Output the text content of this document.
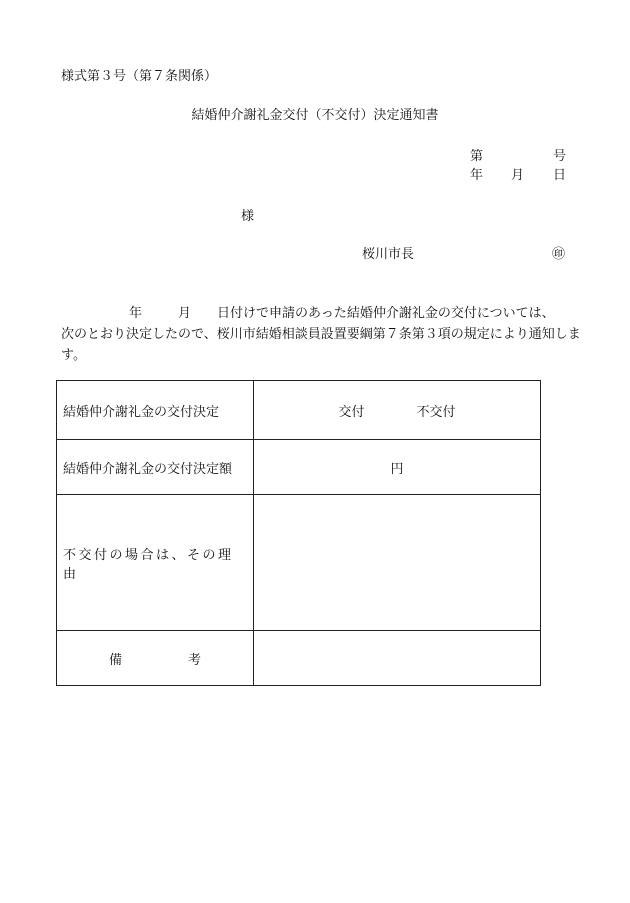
様式第３号（第７条関係）
結婚仲介謝礼金交付（不交付）決定通知書
第	号
年 月 日
様
桜川市長	㊞
年	月 日付けで申請のあった結婚仲介謝礼金の交付については、
次のとおり決定したので、桜川市結婚相談員設置要綱第７条第３項の規定により通知します。
結婚仲介謝礼金の交付決定	交付 不交付
結婚仲介謝礼金の交付決定額	円
不交付の場合は、その理由	
備 考	
